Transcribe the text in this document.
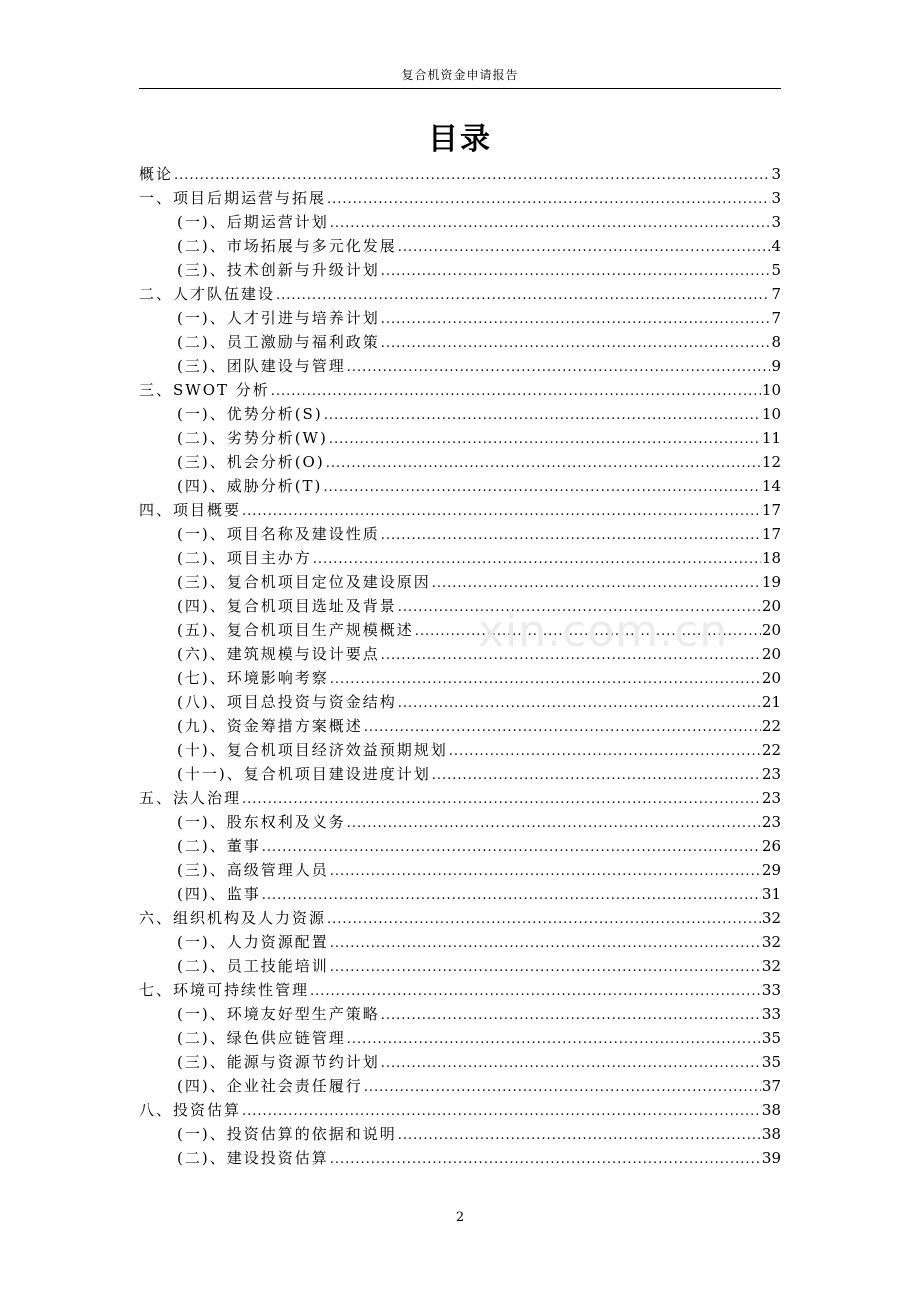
复合机资金申请报告
目录
概论 .....	3
一、项目后期运营与拓展 .....	3
(一)、后期运营计划 .....	3
(二)、市场拓展与多元化发展 .....	4
(三)、技术创新与升级计划 .....	5
二、人才队伍建设 .....	7
(一)、人才引进与培养计划 .....	7
(二)、员工激励与福利政策 .....	8
(三)、团队建设与管理 .....	9
三、SWOT 分析 .....	10
(一)、优势分析(S) .....	10
(二)、劣势分析(W) .....	11
(三)、机会分析(O) .....	12
(四)、威胁分析(T) .....	14
四、项目概要 .....	17
(一)、项目名称及建设性质 .....	17
(二)、项目主办方 .....	18
(三)、复合机项目定位及建设原因 .....	19
(四)、复合机项目选址及背景 .....	20
(五)、复合机项目生产规模概述 .....	20
(六)、建筑规模与设计要点 .....	20
(七)、环境影响考察 .....	20
(八)、项目总投资与资金结构 .....	21
(九)、资金筹措方案概述 .....	22
(十)、复合机项目经济效益预期规划 .....	22
(十一)、复合机项目建设进度计划 .....	23
五、法人治理 .....	23
(一)、股东权利及义务 .....	23
(二)、董事 .....	26
(三)、高级管理人员 .....	29
(四)、监事 .....	31
六、组织机构及人力资源 .....	32
(一)、人力资源配置 .....	32
(二)、员工技能培训 .....	32
七、环境可持续性管理 .....	33
(一)、环境友好型生产策略 .....	33
(二)、绿色供应链管理 .....	35
(三)、能源与资源节约计划 .....	35
(四)、企业社会责任履行 .....	37
八、投资估算 .....	38
(一)、投资估算的依据和说明 .....	38
(二)、建设投资估算 .....	39
xin.com.cn
2
